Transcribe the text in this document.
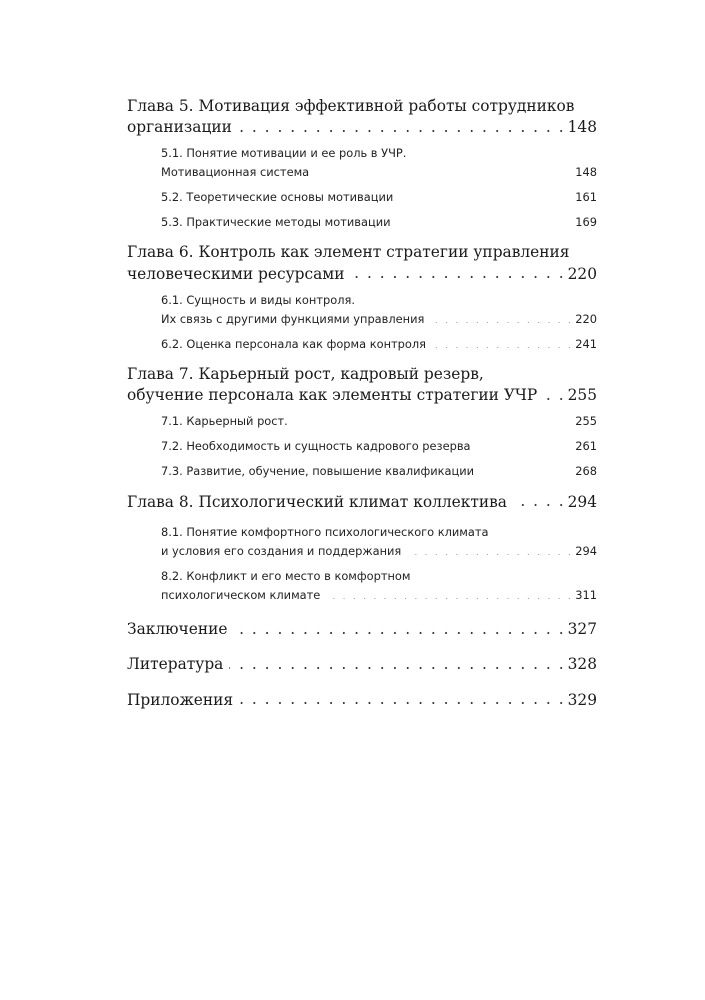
Глава 5. Мотивация эффективной работы сотрудников
организации . . .	148
5.1. Понятие мотивации и ее роль в УЧР.
Мотивационная система . . .	148
5.2. Теоретические основы мотивации . . .	161
5.3. Практические методы мотивации . . .	169
Глава 6. Контроль как элемент стратегии управления
человеческими ресурсами . . .	220
6.1. Сущность и виды контроля.
Их связь с другими функциями управления . . .	220
6.2. Оценка персонала как форма контроля . . .	241
Глава 7. Карьерный рост, кадровый резерв,
обучение персонала как элементы стратегии УЧР . . . 255
7.1. Карьерный рост. . . .	255
7.2. Необходимость и сущность кадрового резерва . . .	261
7.3. Развитие, обучение, повышение квалификации . . .	268
Глава 8. Психологический климат коллектива . . .	294
8.1. Понятие комфортного психологического климата
и условия его создания и поддержания . . .	294
8.2. Конфликт и его место в комфортном
психологическом климате . . .	311
Заключение . . .	327
Литература . . .	328
Приложения . . .	329
